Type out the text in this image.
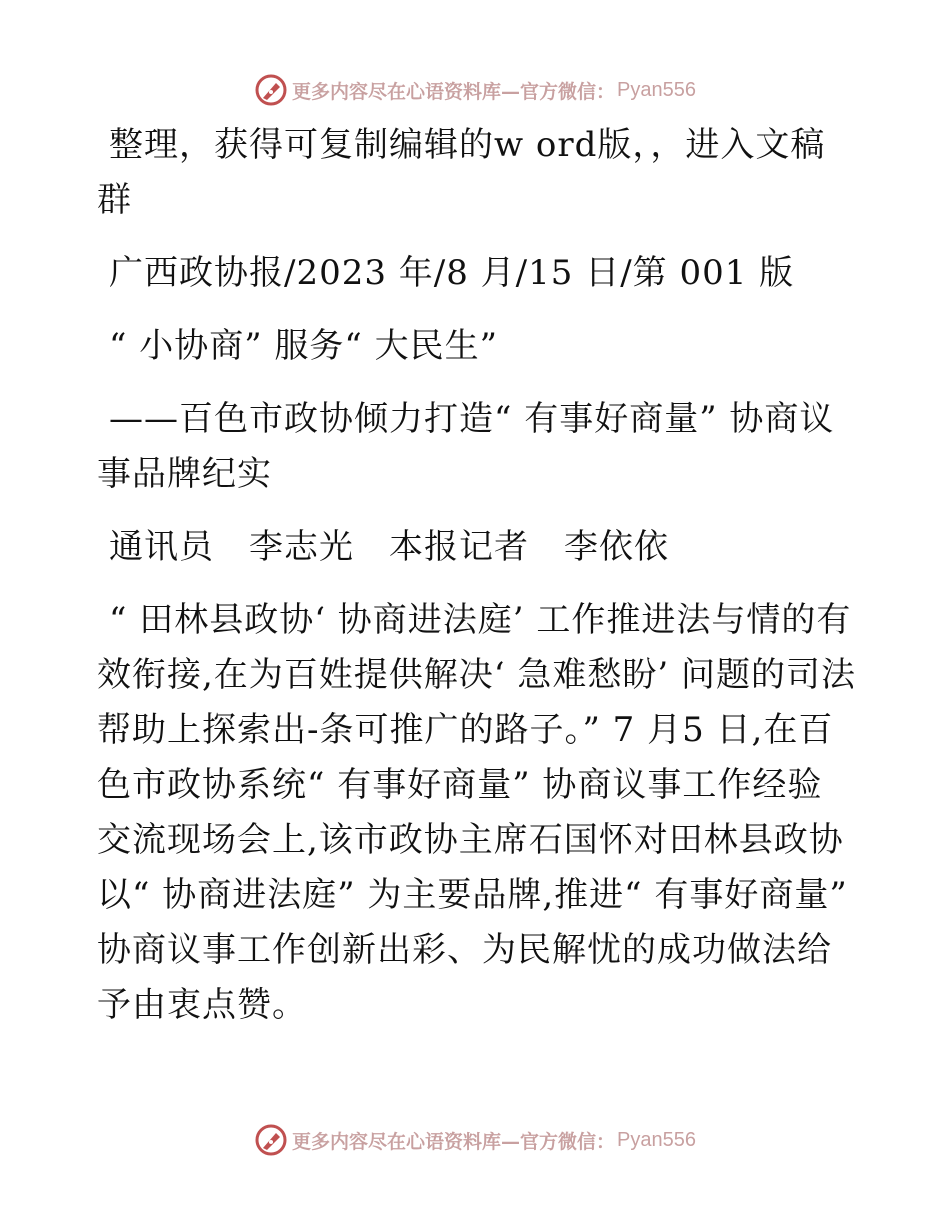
更多内容尽在心语资料库—官方微信： Pyan556

整理，获得可复制编辑的w ord版，，进入文稿群

广西政协报/2023 年/8 月/15 日/第 001 版

“ 小协商” 服务“ 大民生”

——百色市政协倾力打造“ 有事好商量” 协商议事品牌纪实

通讯员　李志光　本报记者　李依依

“ 田林县政协‘ 协商进法庭’ 工作推进法与情的有效衔接,在为百姓提供解决‘ 急难愁盼’ 问题的司法帮助上探索出-条可推广的路子。” 7 月5 日,在百色市政协系统“ 有事好商量” 协商议事工作经验交流现场会上,该市政协主席石国怀对田林县政协以“ 协商进法庭” 为主要品牌,推进“ 有事好商量” 协商议事工作创新出彩、为民解忧的成功做法给予由衷点赞。

更多内容尽在心语资料库—官方微信： Pyan556
